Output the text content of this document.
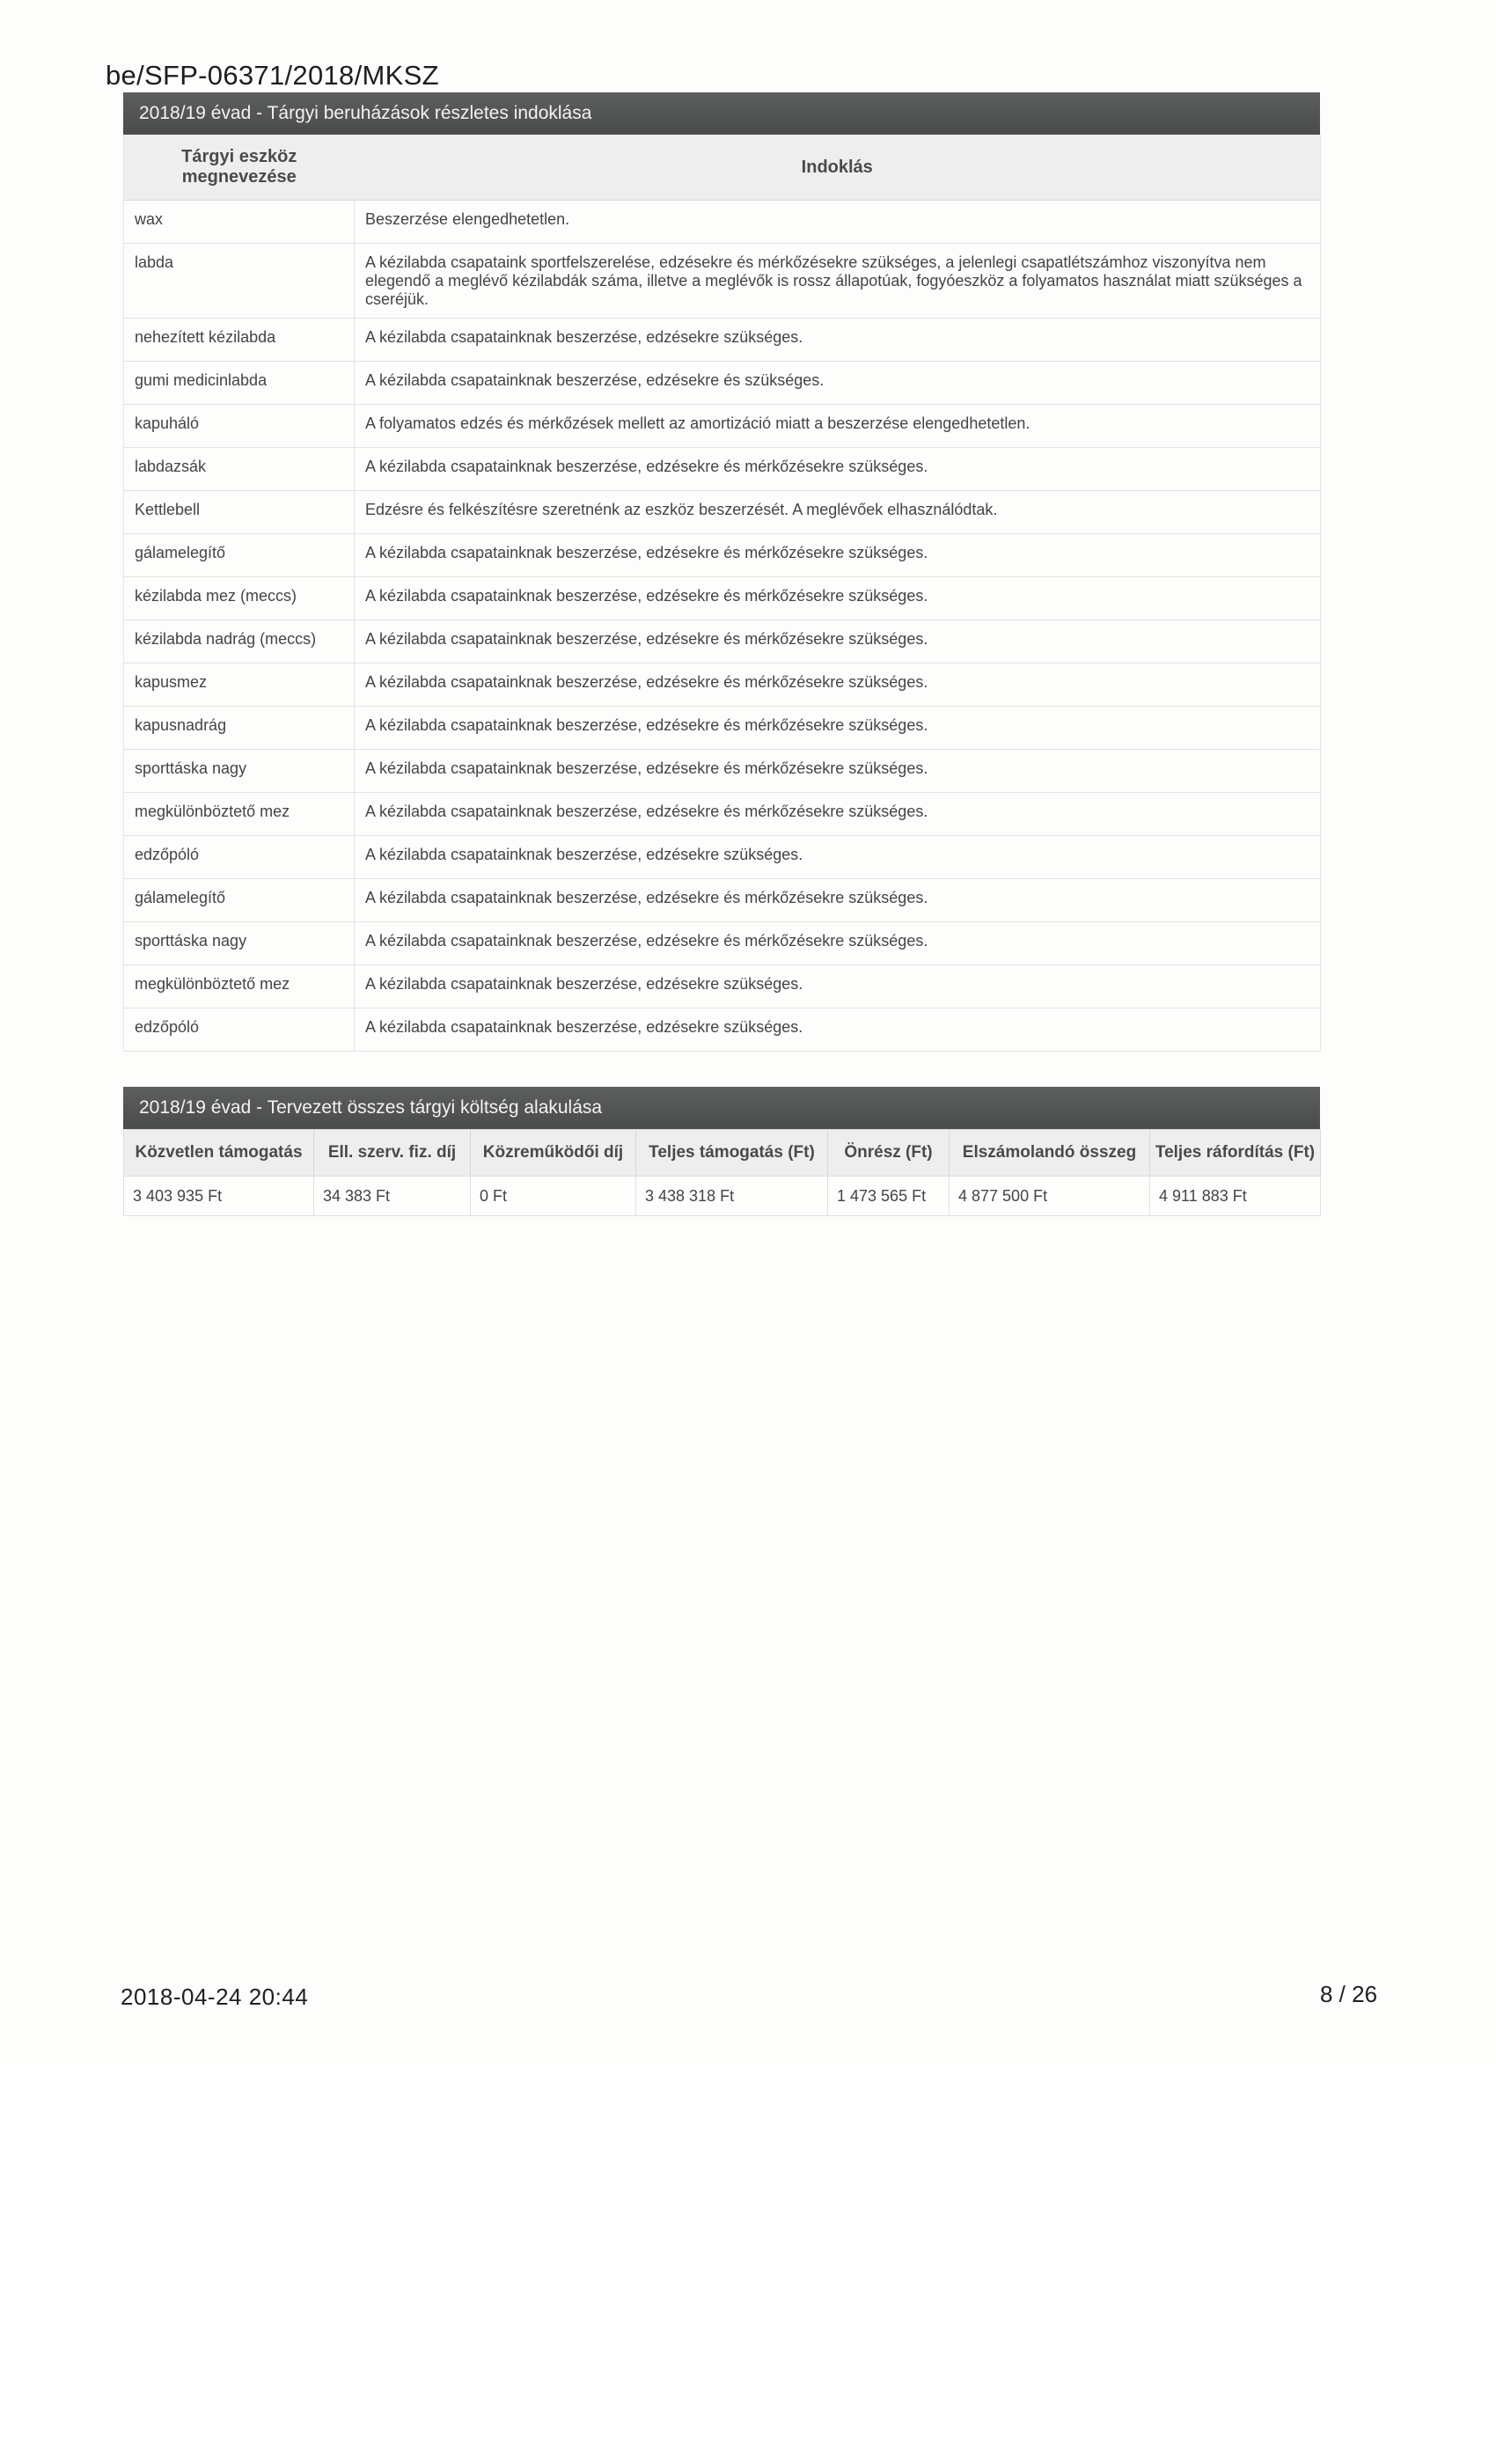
be/SFP-06371/2018/MKSZ
2018/19 évad - Tárgyi beruházások részletes indoklása
Tárgyi eszköz megnevezése	Indoklás
wax	Beszerzése elengedhetetlen.
labda	A kézilabda csapataink sportfelszerelése, edzésekre és mérkőzésekre szükséges, a jelenlegi csapatlétszámhoz viszonyítva nem elegendő a meglévő kézilabdák száma, illetve a meglévők is rossz állapotúak, fogyóeszköz a folyamatos használat miatt szükséges a cseréjük.
nehezített kézilabda	A kézilabda csapatainknak beszerzése, edzésekre szükséges.
gumi medicinlabda	A kézilabda csapatainknak beszerzése, edzésekre és szükséges.
kapuháló	A folyamatos edzés és mérkőzések mellett az amortizáció miatt a beszerzése elengedhetetlen.
labdazsák	A kézilabda csapatainknak beszerzése, edzésekre és mérkőzésekre szükséges.
Kettlebell	Edzésre és felkészítésre szeretnénk az eszköz beszerzését. A meglévőek elhasználódtak.
gálamelegítő	A kézilabda csapatainknak beszerzése, edzésekre és mérkőzésekre szükséges.
kézilabda mez (meccs)	A kézilabda csapatainknak beszerzése, edzésekre és mérkőzésekre szükséges.
kézilabda nadrág (meccs)	A kézilabda csapatainknak beszerzése, edzésekre és mérkőzésekre szükséges.
kapusmez	A kézilabda csapatainknak beszerzése, edzésekre és mérkőzésekre szükséges.
kapusnadrág	A kézilabda csapatainknak beszerzése, edzésekre és mérkőzésekre szükséges.
sporttáska nagy	A kézilabda csapatainknak beszerzése, edzésekre és mérkőzésekre szükséges.
megkülönböztető mez	A kézilabda csapatainknak beszerzése, edzésekre és mérkőzésekre szükséges.
edzőpóló	A kézilabda csapatainknak beszerzése, edzésekre szükséges.
gálamelegítő	A kézilabda csapatainknak beszerzése, edzésekre és mérkőzésekre szükséges.
sporttáska nagy	A kézilabda csapatainknak beszerzése, edzésekre és mérkőzésekre szükséges.
megkülönböztető mez	A kézilabda csapatainknak beszerzése, edzésekre szükséges.
edzőpóló	A kézilabda csapatainknak beszerzése, edzésekre szükséges.
2018/19 évad - Tervezett összes tárgyi költség alakulása
Közvetlen támogatás	Ell. szerv. fiz. díj	Közreműködői díj	Teljes támogatás (Ft)	Önrész (Ft)	Elszámolandó összeg	Teljes ráfordítás (Ft)
3 403 935 Ft	34 383 Ft	0 Ft	3 438 318 Ft	1 473 565 Ft	4 877 500 Ft	4 911 883 Ft
2018-04-24 20:44	8 / 26
